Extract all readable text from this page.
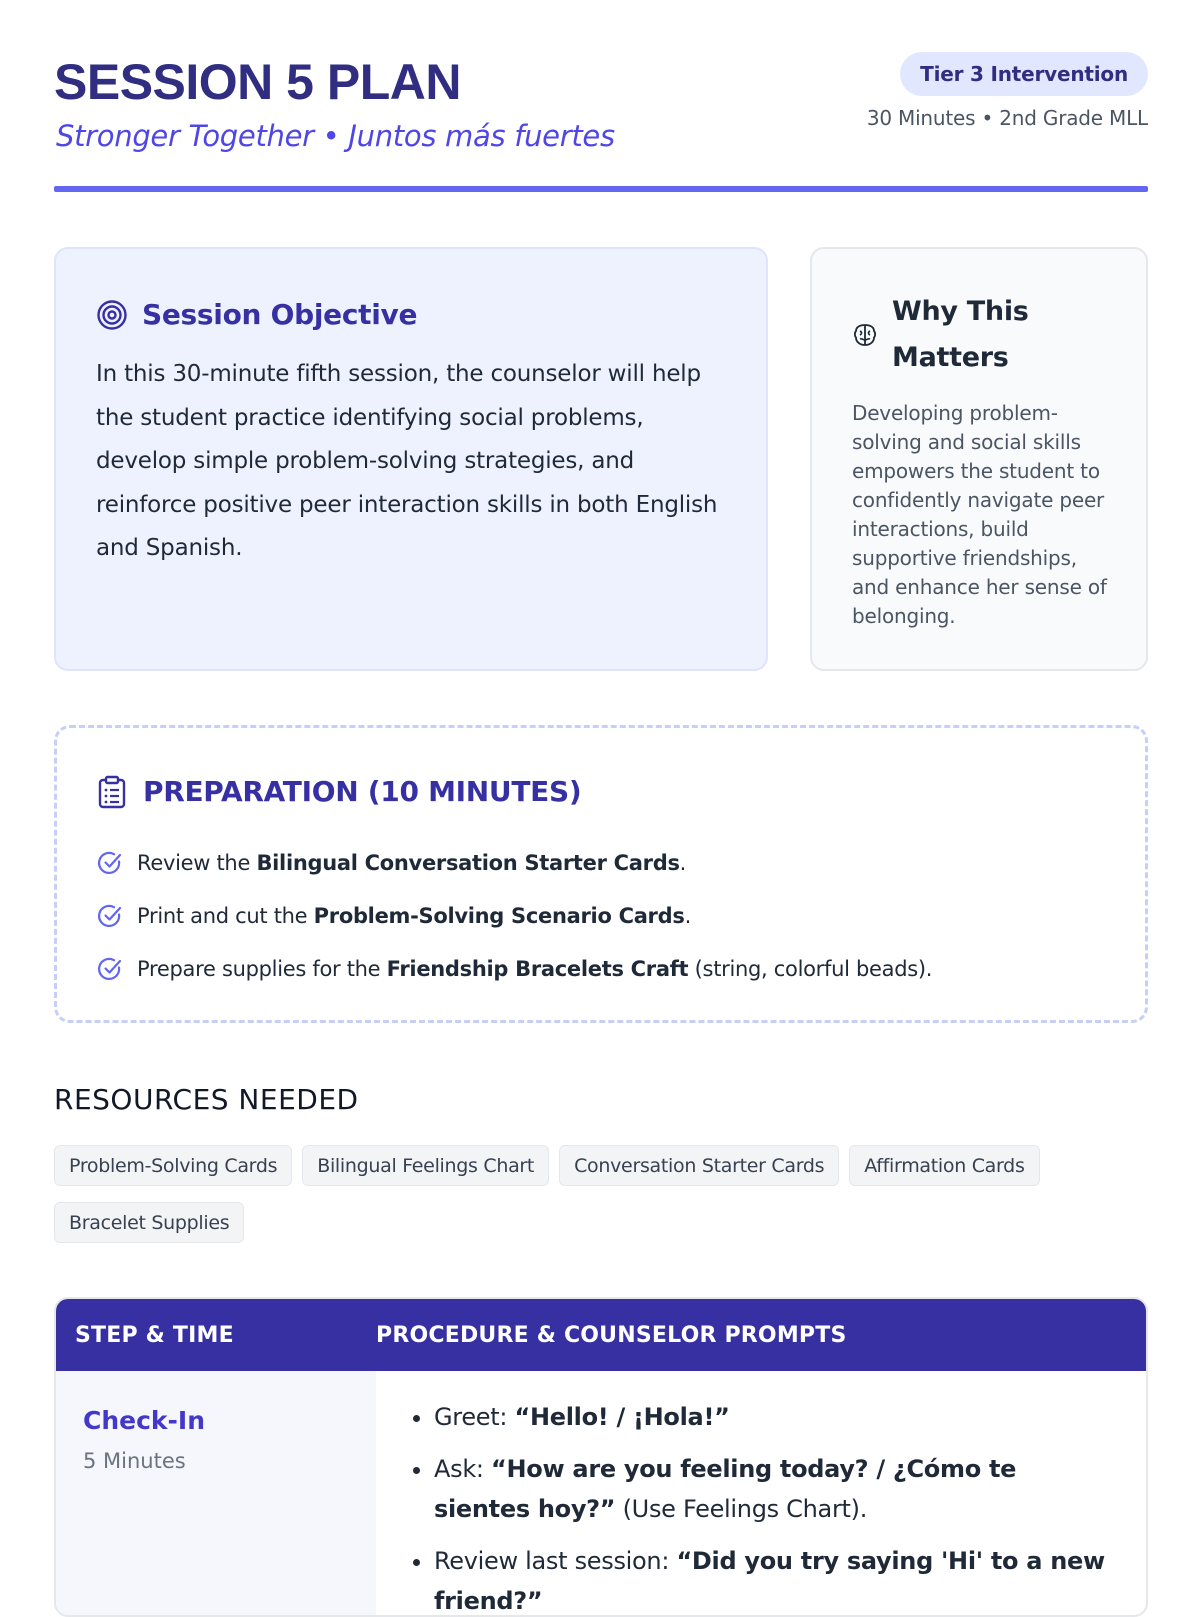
SESSION 5 PLAN
Stronger Together • Juntos más fuertes
Tier 3 Intervention
30 Minutes • 2nd Grade MLL
Session Objective

In this 30-minute fifth session, the counselor will help the student practice identifying social problems, develop simple problem-solving strategies, and reinforce positive peer interaction skills in both English and Spanish.

Why This Matters

Developing problem-solving and social skills empowers the student to confidently navigate peer interactions, build supportive friendships, and enhance her sense of belonging.

PREPARATION (10 MINUTES)
Review the Bilingual Conversation Starter Cards.
Print and cut the Problem-Solving Scenario Cards.
Prepare supplies for the Friendship Bracelets Craft (string, colorful beads).
RESOURCES NEEDED
Problem-Solving Cards Bilingual Feelings Chart Conversation Starter Cards Affirmation CardsBracelet Supplies
STEP & TIME	PROCEDURE & COUNSELOR PROMPTS
Check-In
5 Minutes
• Greet: “Hello! / ¡Hola!”
• Ask: “How are you feeling today? / ¿Cómo te sientes hoy?” (Use Feelings Chart).
• Review last session: “Did you try saying 'Hi' to a new friend?”
